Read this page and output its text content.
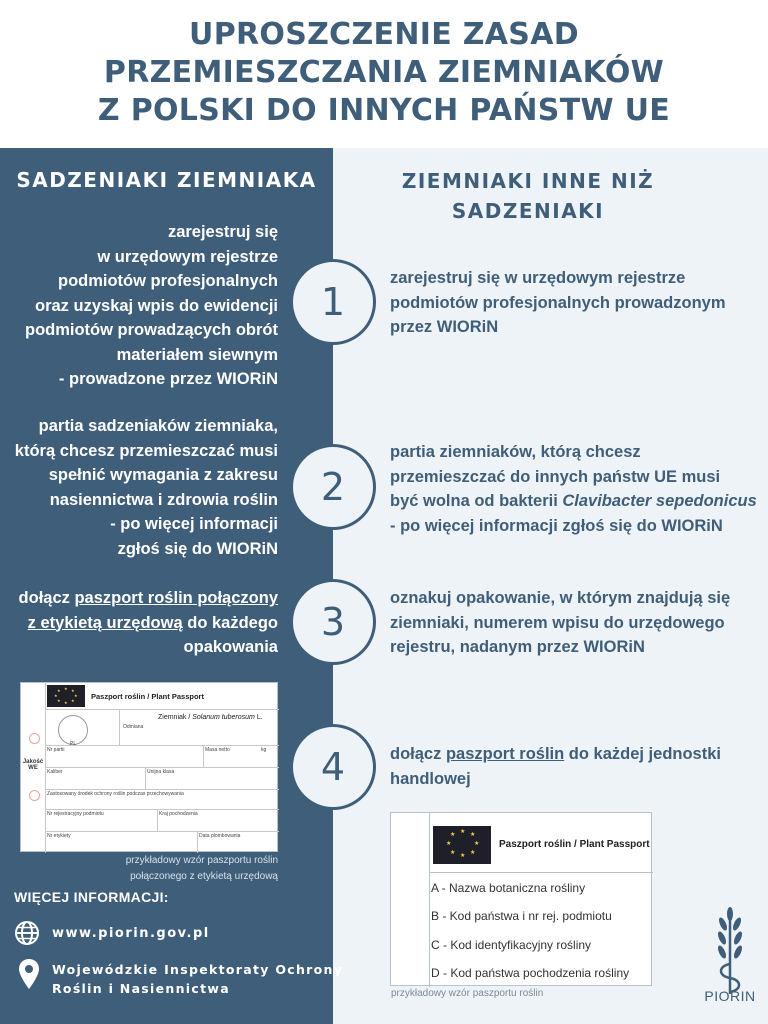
UPROSZCZENIE ZASAD
PRZEMIESZCZANIA ZIEMNIAKÓW
Z POLSKI DO INNYCH PAŃSTW UE
SADZENIAKI ZIEMNIAKA	ZIEMNIAKI INNE NIŻ
SADZENIAKI
zarejestruj się
w urzędowym rejestrze
podmiotów profesjonalnych
oraz uzyskaj wpis do ewidencji
podmiotów prowadzących obrót
materiałem siewnym
- prowadzone przez WIORiN
1
zarejestruj się w urzędowym rejestrze
podmiotów profesjonalnych prowadzonym
przez WIORiN
partia sadzeniaków ziemniaka,
którą chcesz przemieszczać musi
spełnić wymagania z zakresu
nasiennictwa i zdrowia roślin
- po więcej informacji
zgłoś się do WIORiN
2
partia ziemniaków, którą chcesz
przemieszczać do innych państw UE musi
być wolna od bakterii Clavibacter sepedonicus
- po więcej informacji zgłoś się do WIORiN
dołącz paszport roślin połączony
z etykietą urzędową do każdego
opakowania
3
oznakuj opakowanie, w którym znajdują się
ziemniaki, numerem wpisu do urzędowego
rejestru, nadanym przez WIORiN
4	dołącz paszport roślin do każdej jednostki
handlowej
★ ★
★
★
★
★
★
★
Paszport roślin / Plant Passport
PL
Ziemniak / Solanum tuberosum L.
Odmiana
Nr partii	Masa netto	kg
Kaliber	Unijna klasa
Zastosowany środek ochrony roślin podczas przechowywania
Nr rejestracyjny podmiotu	Kraj pochodzenia
Nr etykiety	Data plombowania
Jakość WE
przykładowy wzór paszportu roślin
połączonego z etykietą urzędową
WIĘCEJ INFORMACJI:
www.piorin.gov.pl
Wojewódzkie Inspektoraty Ochrony
Roślin i Nasiennictwa
★ ★
★
★
★
★
★
★
Paszport roślin / Plant Passport
A - Nazwa botaniczna rośliny
B - Kod państwa i nr rej. podmiotu
C - Kod identyfikacyjny rośliny
D - Kod państwa pochodzenia rośliny
przykładowy wzór paszportu roślin	PIORIN
